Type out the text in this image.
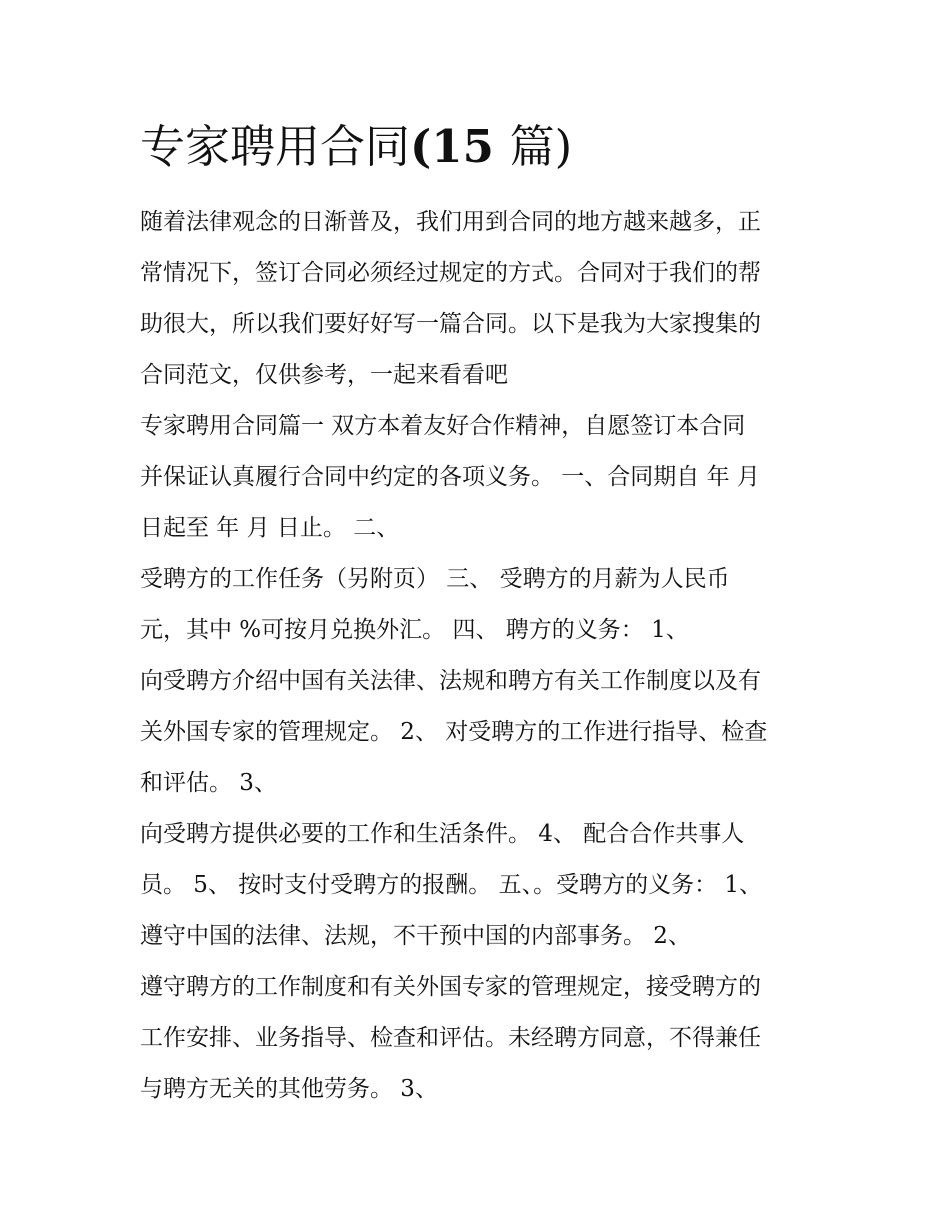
专家聘用合同(15 篇)

随着法律观念的日渐普及，我们用到合同的地方越来越多，正

常情况下，签订合同必须经过规定的方式。合同对于我们的帮

助很大，所以我们要好好写一篇合同。以下是我为大家搜集的

合同范文，仅供参考，一起来看看吧

专家聘用合同篇一 双方本着友好合作精神，自愿签订本合同

并保证认真履行合同中约定的各项义务。 一、合同期自 年 月

日起至 年 月 日止。 二、

受聘方的工作任务（另附页） 三、 受聘方的月薪为人民币

元，其中 %可按月兑换外汇。 四、 聘方的义务： 1、

向受聘方介绍中国有关法律、法规和聘方有关工作制度以及有

关外国专家的管理规定。 2、 对受聘方的工作进行指导、检查

和评估。 3、

向受聘方提供必要的工作和生活条件。 4、 配合合作共事人

员。 5、 按时支付受聘方的报酬。 五、。受聘方的义务： 1、

遵守中国的法律、法规，不干预中国的内部事务。 2、

遵守聘方的工作制度和有关外国专家的管理规定，接受聘方的

工作安排、业务指导、检查和评估。未经聘方同意，不得兼任

与聘方无关的其他劳务。 3、
